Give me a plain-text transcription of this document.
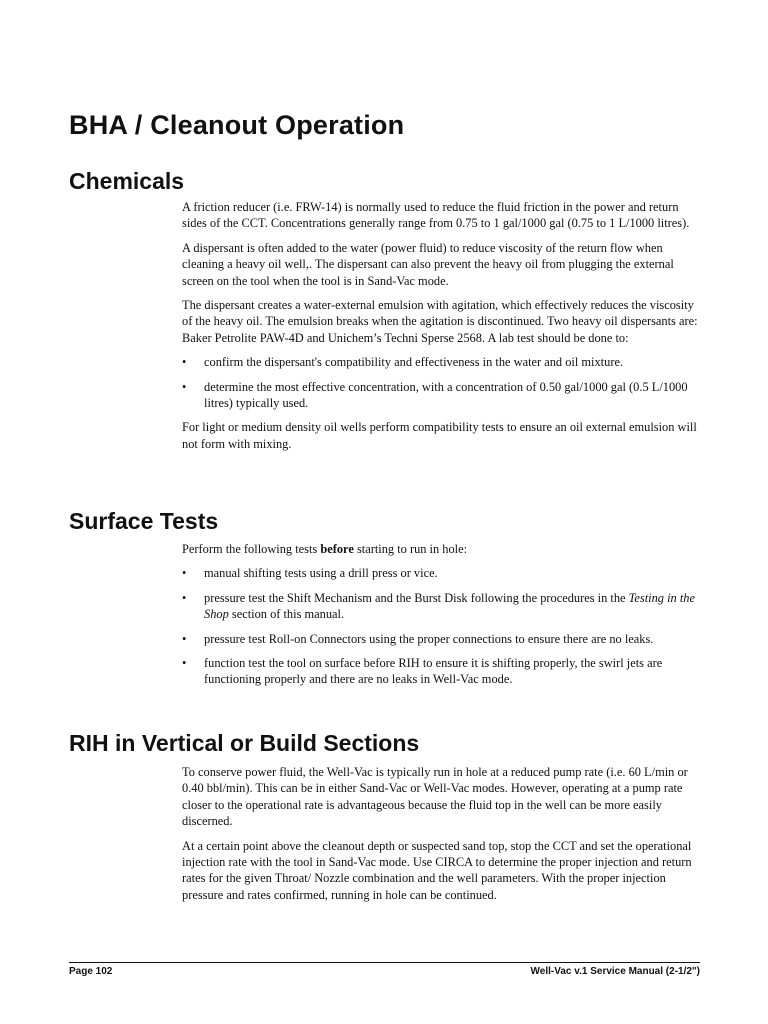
BHA / Cleanout Operation
Chemicals

A friction reducer (i.e. FRW-14) is normally used to reduce the fluid friction in the power and return sides of the CCT. Concentrations generally range from 0.75 to 1 gal/1000 gal (0.75 to 1 L/1000 litres).

A dispersant is often added to the water (power fluid) to reduce viscosity of the return flow when cleaning a heavy oil well,. The dispersant can also prevent the heavy oil from plugging the external screen on the tool when the tool is in Sand-Vac mode.

The dispersant creates a water-external emulsion with agitation, which effectively reduces the viscosity of the heavy oil. The emulsion breaks when the agitation is discontinued. Two heavy oil dispersants are: Baker Petrolite PAW-4D and Unichem’s Techni Sperse 2568. A lab test should be done to:

• confirm the dispersant's compatibility and effectiveness in the water and oil mixture.
• determine the most effective concentration, with a concentration of 0.50 gal/1000 gal (0.5 L/1000 litres) typically used.

For light or medium density oil wells perform compatibility tests to ensure an oil external emulsion will not form with mixing.

Surface Tests

Perform the following tests before starting to run in hole:

• manual shifting tests using a drill press or vice.
• pressure test the Shift Mechanism and the Burst Disk following the procedures in the Testing in the Shop section of this manual.
• pressure test Roll-on Connectors using the proper connections to ensure there are no leaks.
• function test the tool on surface before RIH to ensure it is shifting properly, the swirl jets are functioning properly and there are no leaks in Well-Vac mode.
RIH in Vertical or Build Sections

To conserve power fluid, the Well-Vac is typically run in hole at a reduced pump rate (i.e. 60 L/min or 0.40 bbl/min). This can be in either Sand-Vac or Well-Vac modes. However, operating at a pump rate closer to the operational rate is advantageous because the fluid top in the well can be more easily discerned.

At a certain point above the cleanout depth or suspected sand top, stop the CCT and set the operational injection rate with the tool in Sand-Vac mode. Use CIRCA to determine the proper injection and return rates for the given Throat/ Nozzle combination and the well parameters. With the proper injection pressure and rates confirmed, running in hole can be continued.

Page 102	Well-Vac v.1 Service Manual (2-1/2")
